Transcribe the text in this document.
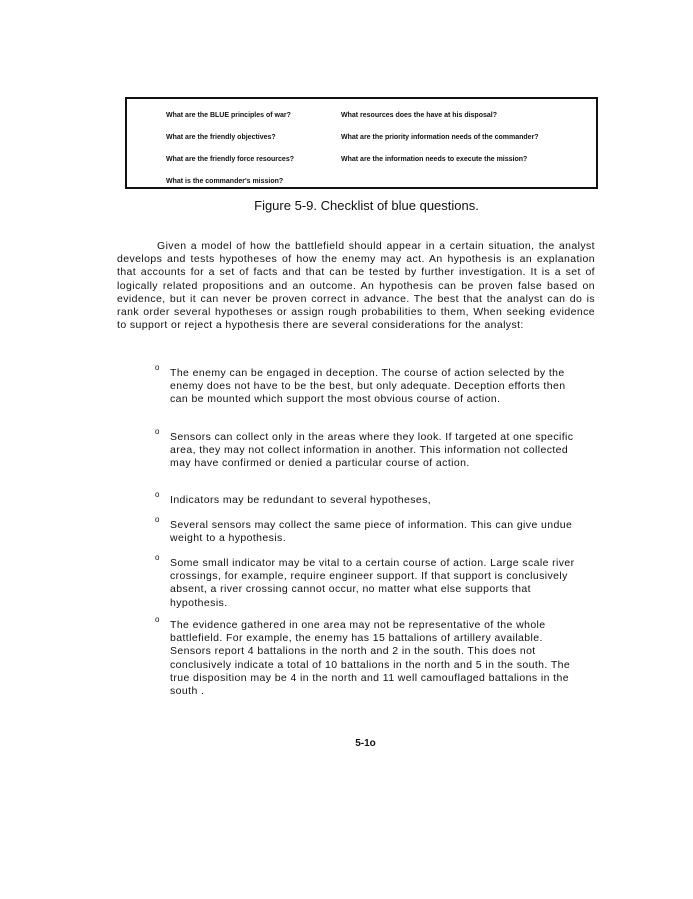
What are the BLUE principles of war?
What are the friendly objectives?
What are the friendly force resources?
What is the commander's mission?
What resources does the have at his disposal?
What are the priority information needs of the commander?
What are the information needs to execute the mission?
Figure 5-9. Checklist of blue questions.

Given a model of how the battlefield should appear in a certain situation, the analyst develops and tests hypotheses of how the enemy may act. An hypothesis is an explanation that accounts for a set of facts and that can be tested by further investigation. It is a set of logically related propositions and an outcome. An hypothesis can be proven false based on evidence, but it can never be proven correct in advance. The best that the analyst can do is rank order several hypotheses or assign rough probabilities to them, When seeking evidence to support or reject a hypothesis there are several considerations for the analyst:

o The enemy can be engaged in deception. The course of action selected by the enemy does not have to be the best, but only adequate. Deception efforts then can be mounted which support the most obvious course of action.

o Sensors can collect only in the areas where they look. If targeted at one specific area, they may not collect information in another. This information not collected may have confirmed or denied a particular course of action.

o Indicators may be redundant to several hypotheses,

o Several sensors may collect the same piece of information. This can give undue weight to a hypothesis.

o Some small indicator may be vital to a certain course of action. Large scale river crossings, for example, require engineer support. If that support is conclusively absent, a river crossing cannot occur, no matter what else supports that hypothesis.

o The evidence gathered in one area may not be representative of the whole battlefield. For example, the enemy has 15 battalions of artillery available. Sensors report 4 battalions in the north and 2 in the south. This does not conclusively indicate a total of 10 battalions in the north and 5 in the south. The true disposition may be 4 in the north and 11 well camouflaged battalions in the south .

5-1o
